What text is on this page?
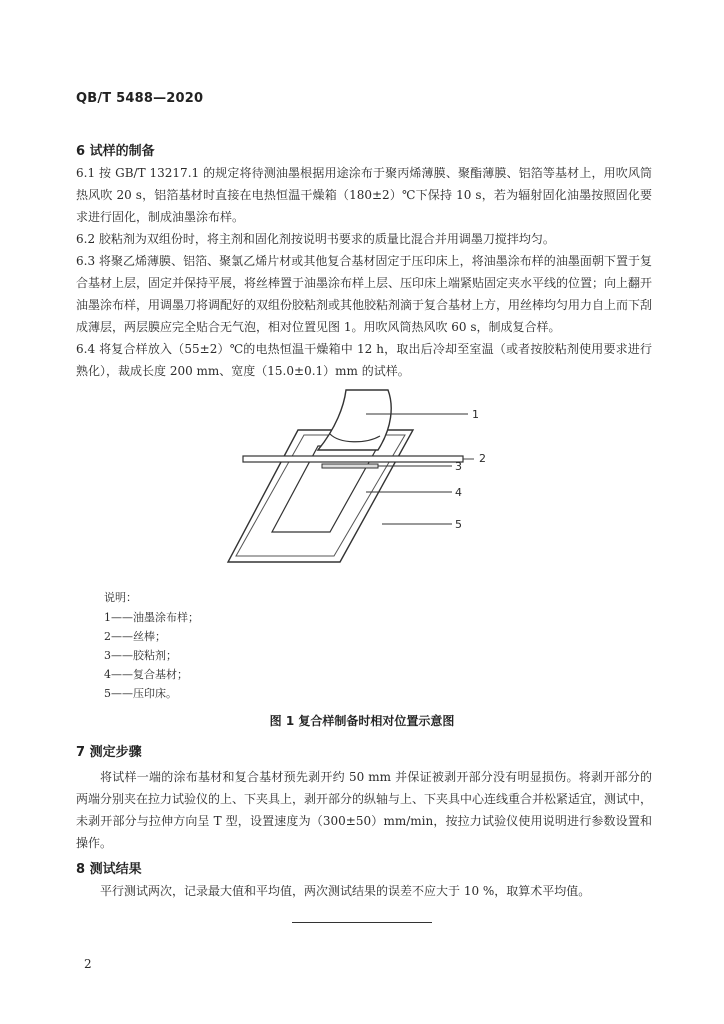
QB/T 5488—2020
6 试样的制备
6.1 按 GB/T 13217.1 的规定将待测油墨根据用途涂布于聚丙烯薄膜、聚酯薄膜、铝箔等基材上，用吹风筒热风吹 20 s，铝箔基材时直接在电热恒温干燥箱（180±2）℃下保持 10 s，若为辐射固化油墨按照固化要求进行固化，制成油墨涂布样。
6.2 胶粘剂为双组份时，将主剂和固化剂按说明书要求的质量比混合并用调墨刀搅拌均匀。
6.3 将聚乙烯薄膜、铝箔、聚氯乙烯片材或其他复合基材固定于压印床上，将油墨涂布样的油墨面朝下置于复合基材上层，固定并保持平展，将丝棒置于油墨涂布样上层、压印床上端紧贴固定夹水平线的位置；向上翻开油墨涂布样，用调墨刀将调配好的双组份胶粘剂或其他胶粘剂滴于复合基材上方，用丝棒均匀用力自上而下刮成薄层，两层膜应完全贴合无气泡，相对位置见图 1。用吹风筒热风吹 60 s，制成复合样。
6.4 将复合样放入（55±2）℃的电热恒温干燥箱中 12 h，取出后冷却至室温（或者按胶粘剂使用要求进行熟化），裁成长度 200 mm、宽度（15.0±0.1）mm 的试样。
1
2
3
4
5
说明：
1——油墨涂布样；
2——丝棒；
3——胶粘剂；
4——复合基材；
5——压印床。
图 1 复合样制备时相对位置示意图
7 测定步骤
将试样一端的涂布基材和复合基材预先剥开约 50 mm 并保证被剥开部分没有明显损伤。将剥开部分的两端分别夹在拉力试验仪的上、下夹具上，剥开部分的纵轴与上、下夹具中心连线重合并松紧适宜，测试中，未剥开部分与拉伸方向呈 T 型，设置速度为（300±50）mm/min，按拉力试验仪使用说明进行参数设置和操作。
8 测试结果
平行测试两次，记录最大值和平均值，两次测试结果的误差不应大于 10 %，取算术平均值。
2
